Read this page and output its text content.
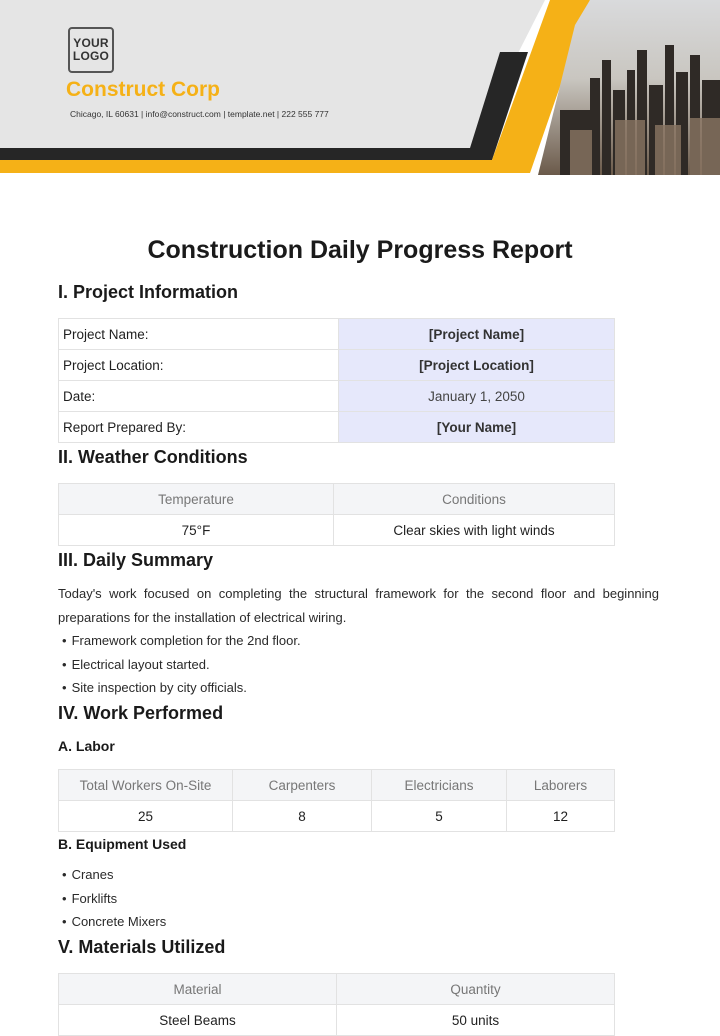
YOUR
LOGO
Construct Corp
Chicago, IL 60631 | info@construct.com | template.net | 222 555 777
Construction Daily Progress Report
I. Project Information
Project Name:	[Project Name]
Project Location:	[Project Location]
Date:	January 1, 2050
Report Prepared By:	[Your Name]
II. Weather Conditions
Temperature	Conditions
75°F	Clear skies with light winds
III. Daily Summary

Today's work focused on completing the structural framework for the second floor and beginning preparations for the installation of electrical wiring.

• Framework completion for the 2nd floor.
• Electrical layout started.
• Site inspection by city officials.
IV. Work Performed
A. Labor
Total Workers On-Site	Carpenters	Electricians	Laborers
25	8	5	12
B. Equipment Used
• Cranes
• Forklifts
• Concrete Mixers
V. Materials Utilized
Material	Quantity
Steel Beams	50 units
